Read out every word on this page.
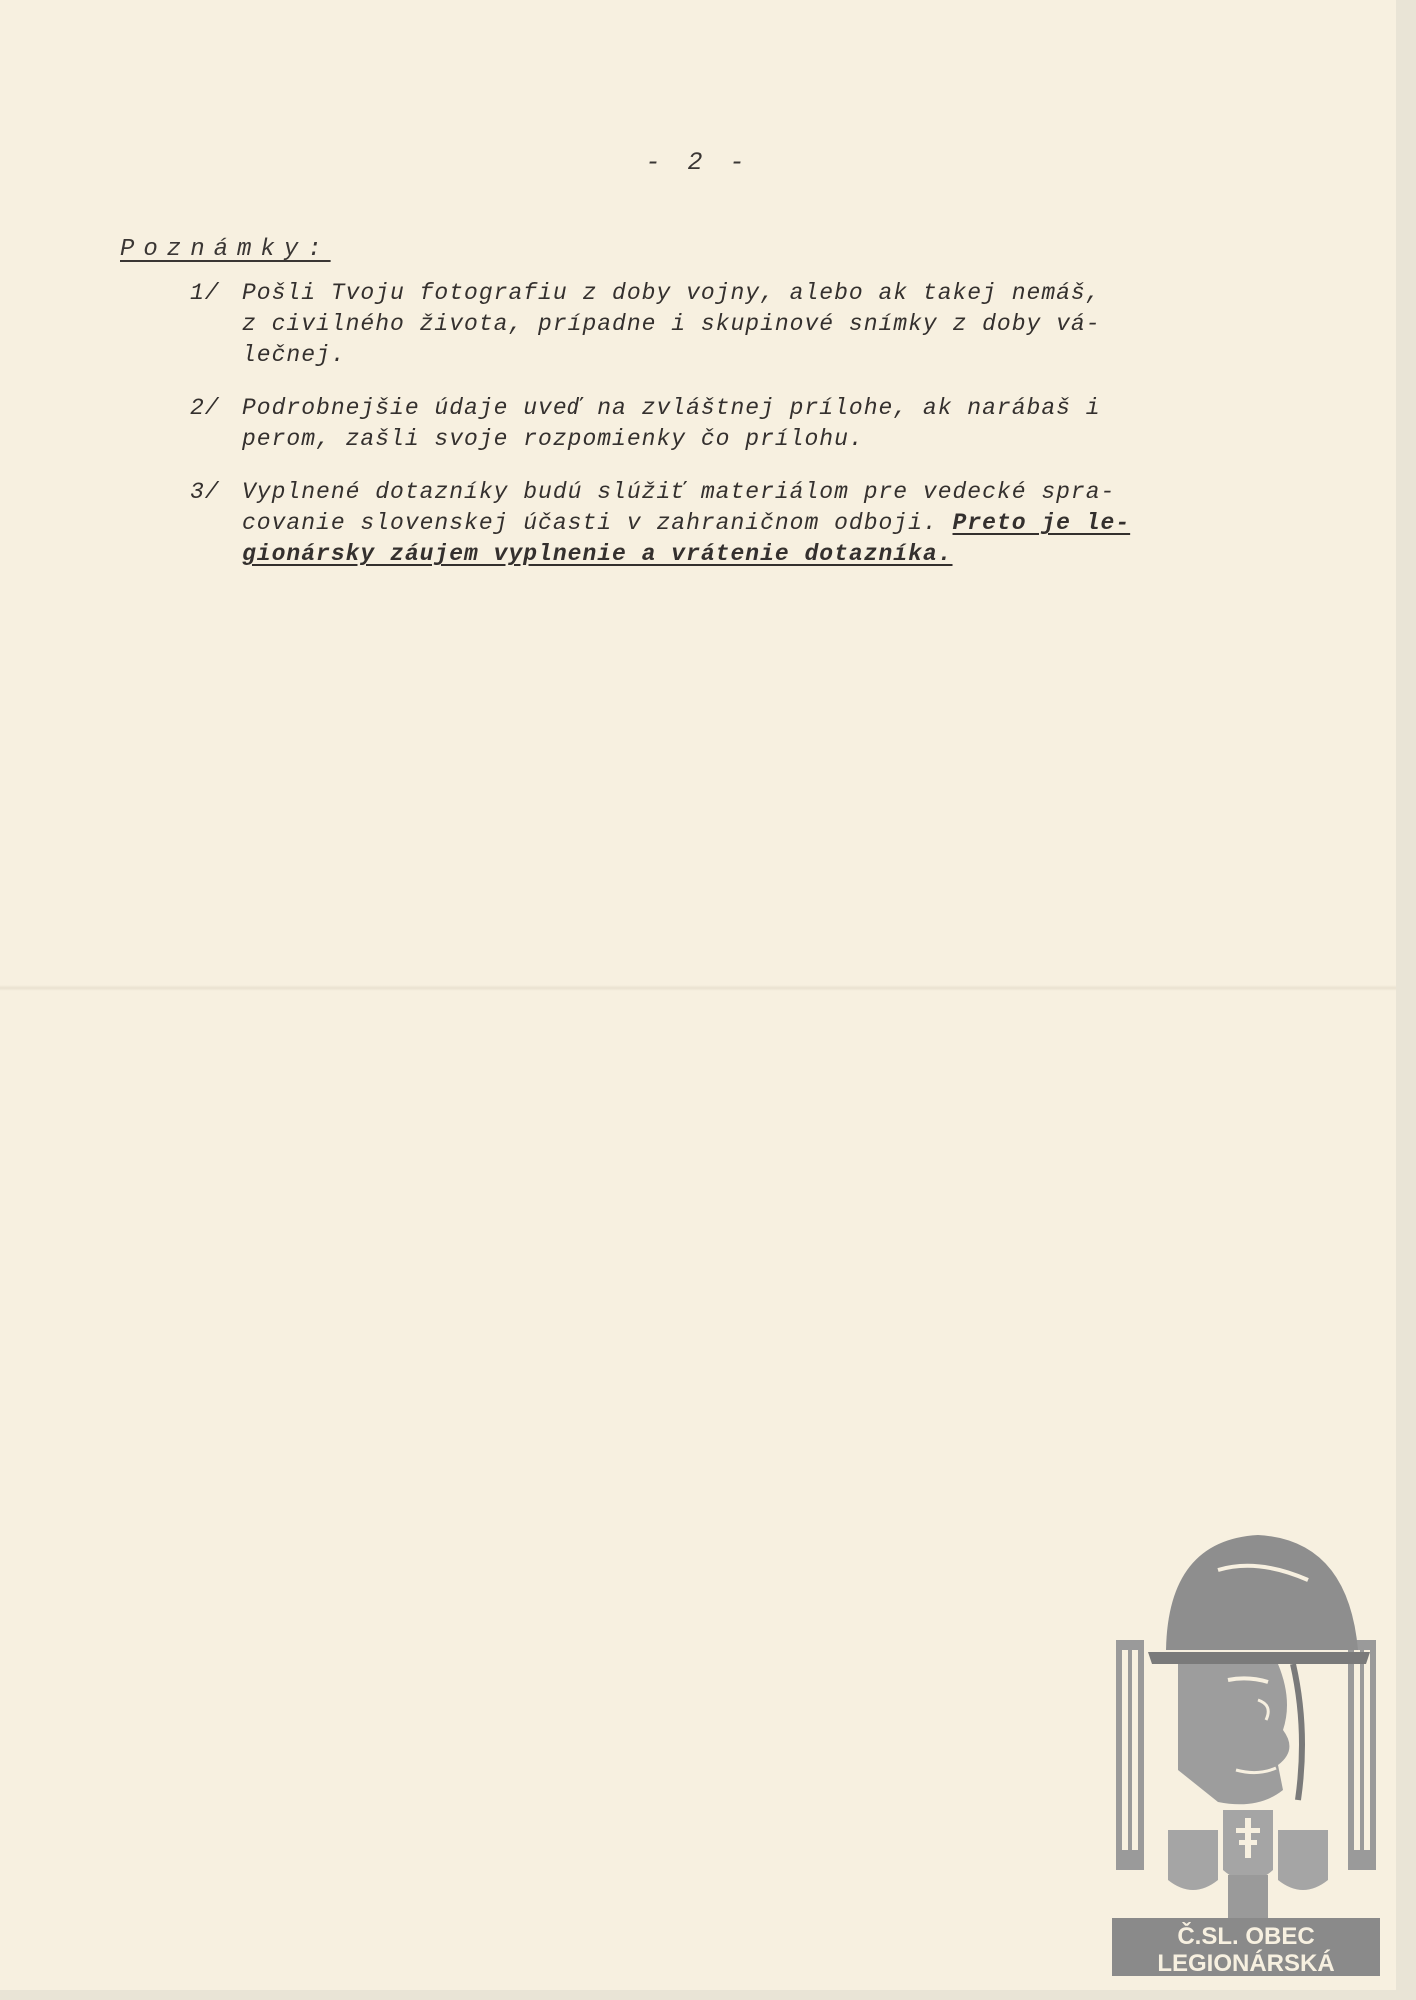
- 2 -
Poznámky:
1/ Pošli Tvoju fotografiu z doby vojny, alebo ak takej nemáš,
z civilného života, prípadne i skupinové snímky z doby vá-
lečnej.
2/ Podrobnejšie údaje uveď na zvláštnej prílohe, ak narábaš i
perom, zašli svoje rozpomienky čo prílohu.
3/ Vyplnené dotazníky budú slúžiť materiálom pre vedecké spra-
covanie slovenskej účasti v zahraničnom odboji. Preto je le-
gionársky záujem vyplnenie a vrátenie dotazníka.
Č.SL. OBEC
LEGIONÁRSKÁ
